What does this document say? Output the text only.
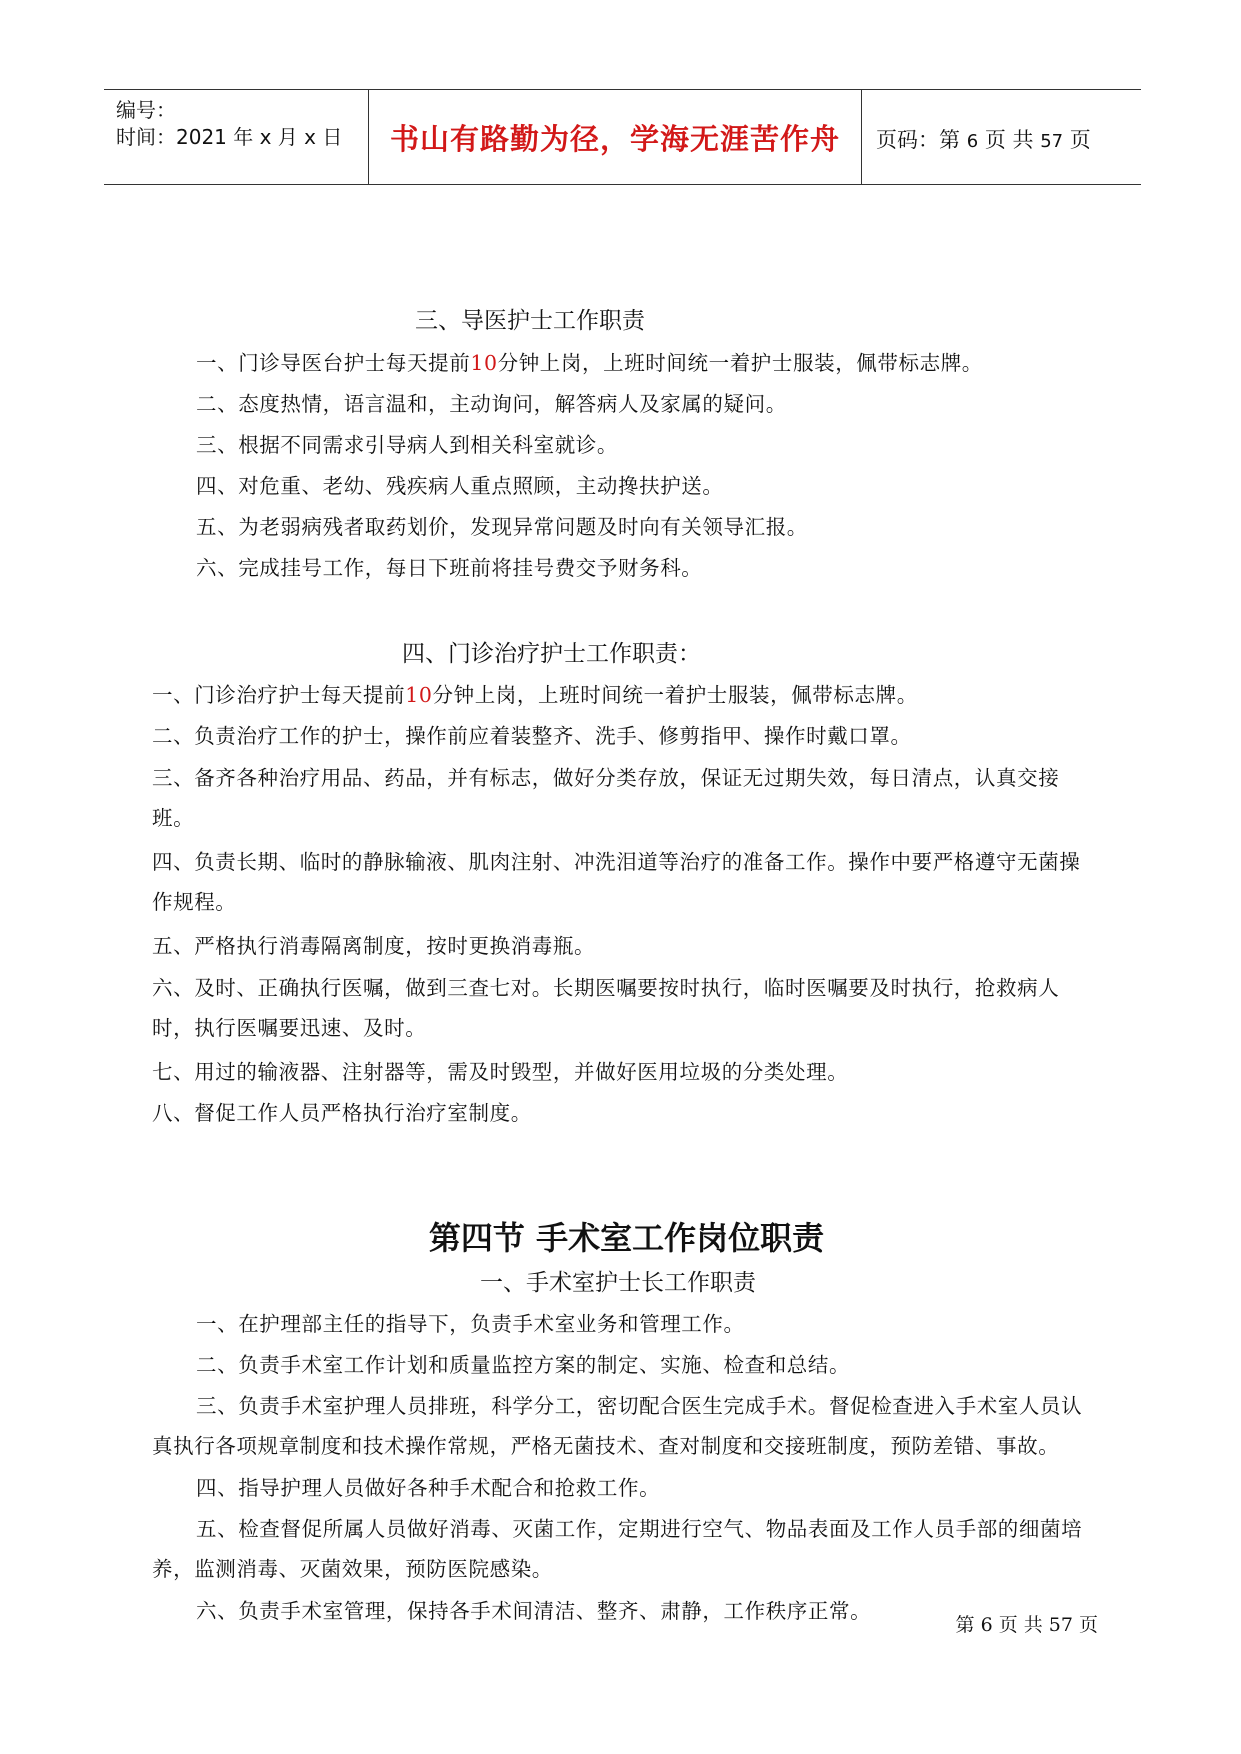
编号：
时间：2021 年 x 月 x 日	书山有路勤为径，学海无涯苦作舟	页码：第 6 页 共 57 页
三、导医护士工作职责
一、门诊导医台护士每天提前10分钟上岗，上班时间统一着护士服装，佩带标志牌。
二、态度热情，语言温和，主动询问，解答病人及家属的疑问。
三、根据不同需求引导病人到相关科室就诊。
四、对危重、老幼、残疾病人重点照顾，主动搀扶护送。
五、为老弱病残者取药划价，发现异常问题及时向有关领导汇报。
六、完成挂号工作，每日下班前将挂号费交予财务科。
四、门诊治疗护士工作职责：
一、门诊治疗护士每天提前10分钟上岗，上班时间统一着护士服装，佩带标志牌。
二、负责治疗工作的护士，操作前应着装整齐、洗手、修剪指甲、操作时戴口罩。
三、备齐各种治疗用品、药品，并有标志，做好分类存放，保证无过期失效，每日清点，认真交接班。
四、负责长期、临时的静脉输液、肌肉注射、冲洗泪道等治疗的准备工作。操作中要严格遵守无菌操作规程。
五、严格执行消毒隔离制度，按时更换消毒瓶。
六、及时、正确执行医嘱，做到三查七对。长期医嘱要按时执行，临时医嘱要及时执行，抢救病人时，执行医嘱要迅速、及时。
七、用过的输液器、注射器等，需及时毁型，并做好医用垃圾的分类处理。
八、督促工作人员严格执行治疗室制度。
第四节 手术室工作岗位职责
一、手术室护士长工作职责
一、在护理部主任的指导下，负责手术室业务和管理工作。
二、负责手术室工作计划和质量监控方案的制定、实施、检查和总结。
三、负责手术室护理人员排班，科学分工，密切配合医生完成手术。督促检查进入手术室人员认真执行各项规章制度和技术操作常规，严格无菌技术、查对制度和交接班制度，预防差错、事故。
四、指导护理人员做好各种手术配合和抢救工作。
五、检查督促所属人员做好消毒、灭菌工作，定期进行空气、物品表面及工作人员手部的细菌培养，监测消毒、灭菌效果，预防医院感染。
六、负责手术室管理，保持各手术间清洁、整齐、肃静，工作秩序正常。
第 6 页 共 57 页
